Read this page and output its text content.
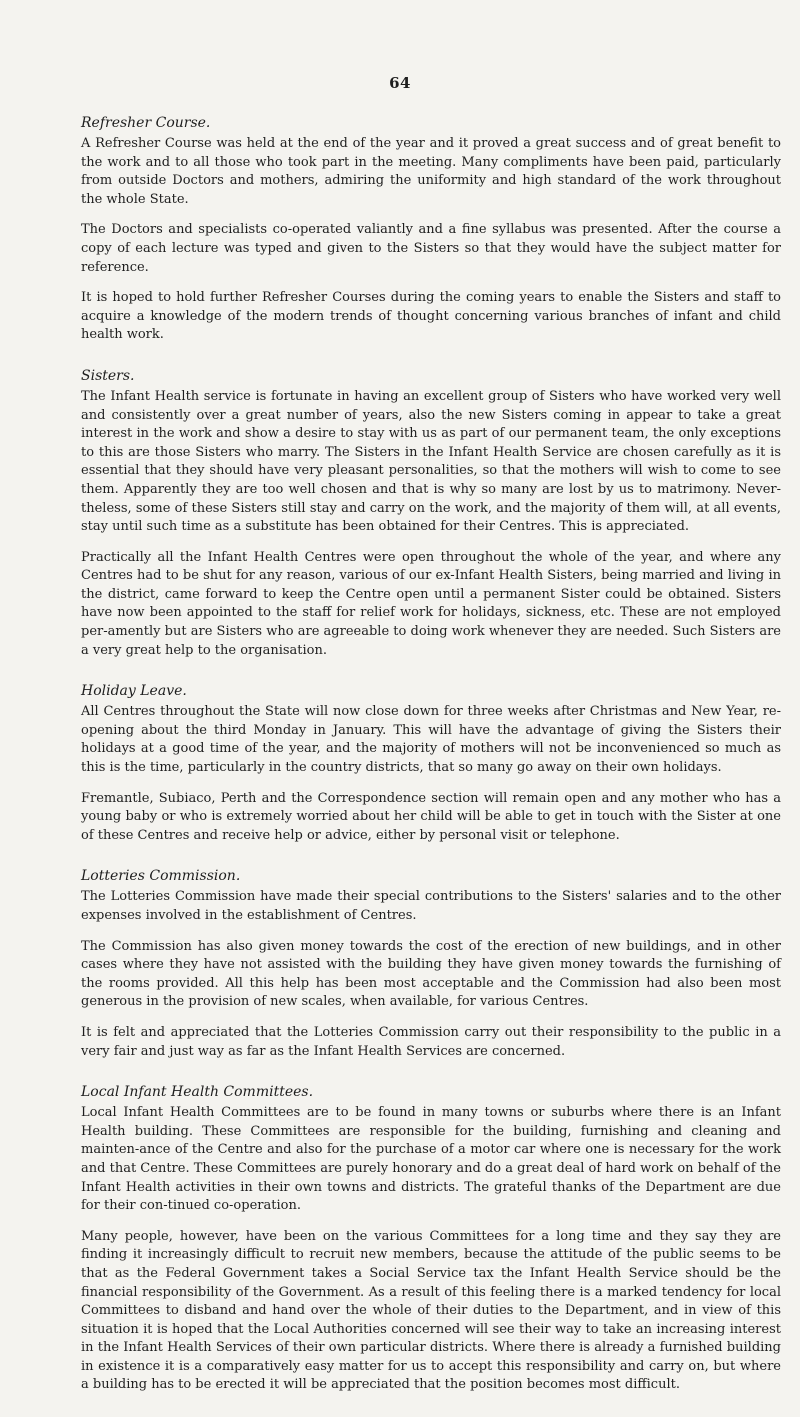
64
Refresher Course.

A Refresher Course was held at the end of the year and it proved a great success and of great benefit to the work and to all those who took part in the meeting. Many compliments have been paid, particularly from outside Doctors and mothers, admiring the uniformity and high standard of the work throughout the whole State.

The Doctors and specialists co-operated valiantly and a fine syllabus was presented. After the course a copy of each lecture was typed and given to the Sisters so that they would have the subject matter for reference.

It is hoped to hold further Refresher Courses during the coming years to enable the Sisters and staff to acquire a knowledge of the modern trends of thought concerning various branches of infant and child health work.

Sisters.

The Infant Health service is fortunate in having an excellent group of Sisters who have worked very well and consistently over a great number of years, also the new Sisters coming in appear to take a great interest in the work and show a desire to stay with us as part of our permanent team, the only exceptions to this are those Sisters who marry. The Sisters in the Infant Health Service are chosen carefully as it is essential that they should have very pleasant personalities, so that the mothers will wish to come to see them. Apparently they are too well chosen and that is why so many are lost by us to matrimony. Never-theless, some of these Sisters still stay and carry on the work, and the majority of them will, at all events, stay until such time as a substitute has been obtained for their Centres. This is appreciated.

Practically all the Infant Health Centres were open throughout the whole of the year, and where any Centres had to be shut for any reason, various of our ex-Infant Health Sisters, being married and living in the district, came forward to keep the Centre open until a permanent Sister could be obtained. Sisters have now been appointed to the staff for relief work for holidays, sickness, etc. These are not employed per-amently but are Sisters who are agreeable to doing work whenever they are needed. Such Sisters are a very great help to the organisation.

Holiday Leave.

All Centres throughout the State will now close down for three weeks after Christmas and New Year, re-opening about the third Monday in January. This will have the advantage of giving the Sisters their holidays at a good time of the year, and the majority of mothers will not be inconvenienced so much as this is the time, particularly in the country districts, that so many go away on their own holidays.

Fremantle, Subiaco, Perth and the Correspondence section will remain open and any mother who has a young baby or who is extremely worried about her child will be able to get in touch with the Sister at one of these Centres and receive help or advice, either by personal visit or telephone.

Lotteries Commission.

The Lotteries Commission have made their special contributions to the Sisters' salaries and to the other expenses involved in the establishment of Centres.

The Commission has also given money towards the cost of the erection of new buildings, and in other cases where they have not assisted with the building they have given money towards the furnishing of the rooms provided. All this help has been most acceptable and the Commission had also been most generous in the provision of new scales, when available, for various Centres.

It is felt and appreciated that the Lotteries Commission carry out their responsibility to the public in a very fair and just way as far as the Infant Health Services are concerned.

Local Infant Health Committees.

Local Infant Health Committees are to be found in many towns or suburbs where there is an Infant Health building. These Committees are responsible for the building, furnishing and cleaning and mainten-ance of the Centre and also for the purchase of a motor car where one is necessary for the work and that Centre. These Committees are purely honorary and do a great deal of hard work on behalf of the Infant Health activities in their own towns and districts. The grateful thanks of the Department are due for their con-tinued co-operation.

Many people, however, have been on the various Committees for a long time and they say they are finding it increasingly difficult to recruit new members, because the attitude of the public seems to be that as the Federal Government takes a Social Service tax the Infant Health Service should be the financial responsibility of the Government. As a result of this feeling there is a marked tendency for local Committees to disband and hand over the whole of their duties to the Department, and in view of this situation it is hoped that the Local Authorities concerned will see their way to take an increasing interest in the Infant Health Services of their own particular districts. Where there is already a furnished building in existence it is a comparatively easy matter for us to accept this responsibility and carry on, but where a building has to be erected it will be appreciated that the position becomes most difficult.
